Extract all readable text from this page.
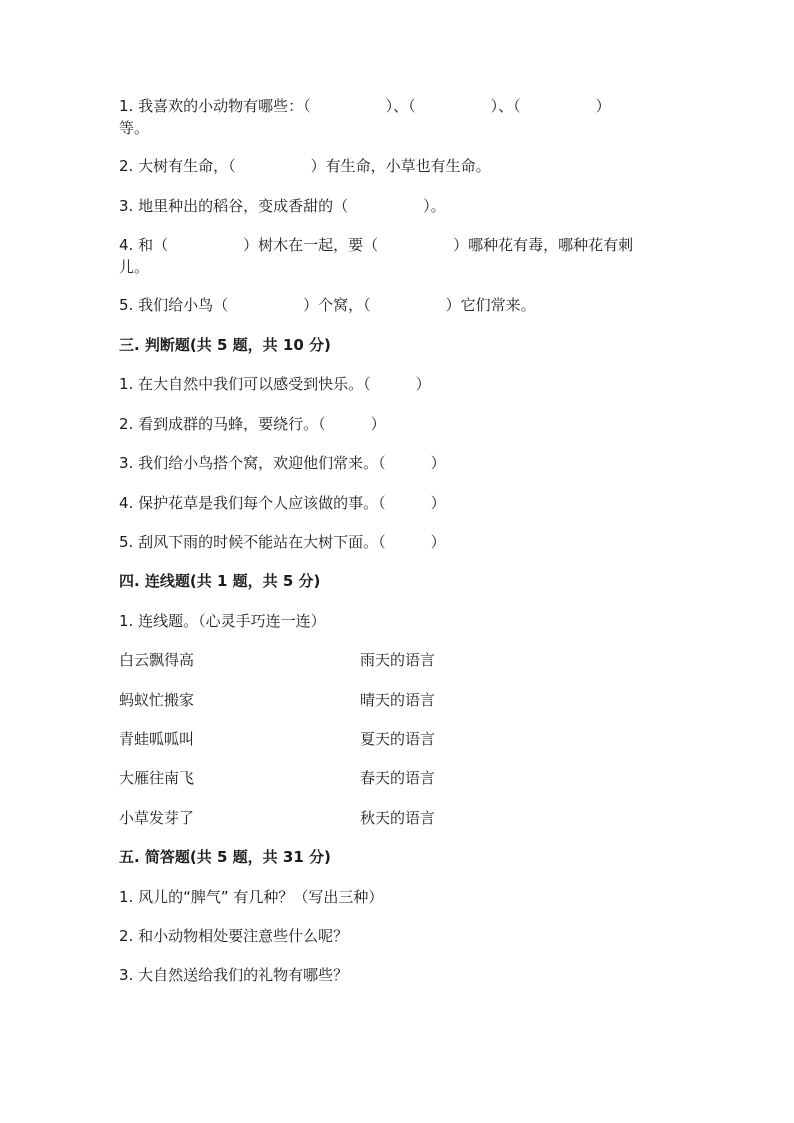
1. 我喜欢的小动物有哪些：（　　　　　）、（　　　　　）、（　　　　　）
等。
2. 大树有生命，（　　　　　）有生命，小草也有生命。
3. 地里种出的稻谷，变成香甜的（　　　　　）。
4. 和（　　　　　）树木在一起，要（　　　　　）哪种花有毒，哪种花有刺
儿。
5. 我们给小鸟（　　　　　）个窝，（　　　　　）它们常来。
三. 判断题(共 5 题，共 10 分)
1. 在大自然中我们可以感受到快乐。（　　　）
2. 看到成群的马蜂，要绕行。（　　　）
3. 我们给小鸟搭个窝，欢迎他们常来。（　　　）
4. 保护花草是我们每个人应该做的事。（　　　）
5. 刮风下雨的时候不能站在大树下面。（　　　）
四. 连线题(共 1 题，共 5 分)
1. 连线题。（心灵手巧连一连）
白云飘得高	雨天的语言
蚂蚁忙搬家	晴天的语言
青蛙呱呱叫	夏天的语言
大雁往南飞	春天的语言
小草发芽了	秋天的语言
五. 简答题(共 5 题，共 31 分)
1. 风儿的“脾气” 有几种？（写出三种）
2. 和小动物相处要注意些什么呢？
3. 大自然送给我们的礼物有哪些？
